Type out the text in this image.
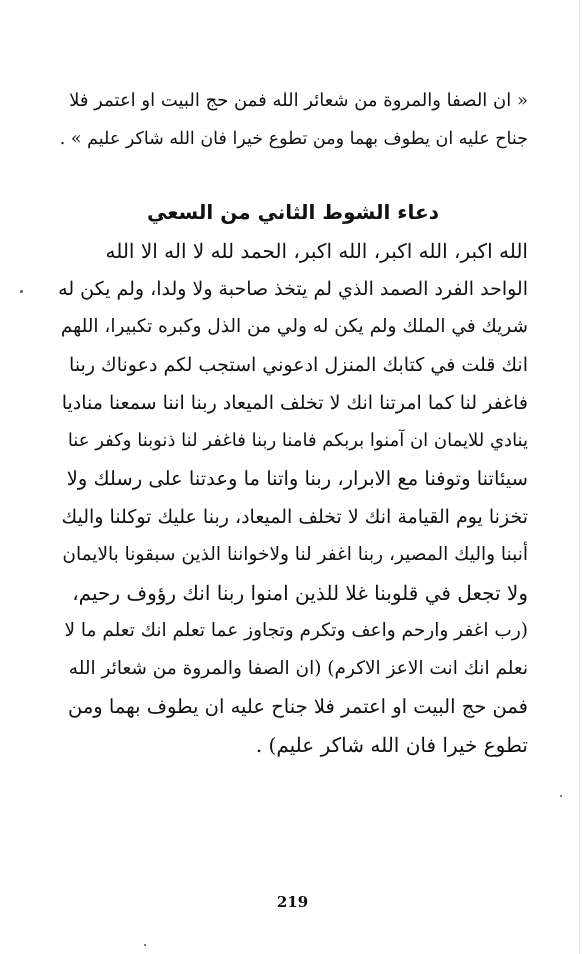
« ان الصفا والمروة من شعائر الله فمن حج البيت او اعتمر فلا
جناح عليه ان يطوف بهما ومن تطوع خيرا فان الله شاكر عليم » .
دعاء الشوط الثاني من السعي
الله اكبر، الله اكبر، الله اكبر، الحمد لله لا اله الا الله
الواحد الفرد الصمد الذي لم يتخذ صاحبة ولا ولدا، ولم يكن له
شريك في الملك ولم يكن له ولي من الذل وكبره تكبيرا، اللهم
انك قلت في كتابك المنزل ادعوني استجب لكم دعوناك ربنا
فاغفر لنا كما امرتنا انك لا تخلف الميعاد ربنا اننا سمعنا مناديا
ينادي للايمان ان آمنوا بربكم فامنا ربنا فاغفر لنا ذنوبنا وكفر عنا
سيئاتنا وتوفنا مع الابرار، ربنا واتنا ما وعدتنا على رسلك ولا
تخزنا يوم القيامة انك لا تخلف الميعاد، ربنا عليك توكلنا واليك
أنبنا واليك المصير، ربنا اغفر لنا ولاخواننا الذين سبقونا بالايمان
ولا تجعل في قلوبنا غلا للذين امنوا ربنا انك رؤوف رحيم،
(رب اغفر وارحم واعف وتكرم وتجاوز عما تعلم انك تعلم ما لا
نعلم انك انت الاعز الاكرم) (ان الصفا والمروة من شعائر الله
فمن حج البيت او اعتمر فلا جناح عليه ان يطوف بهما ومن
تطوع خيرا فان الله شاكر عليم) .
219
